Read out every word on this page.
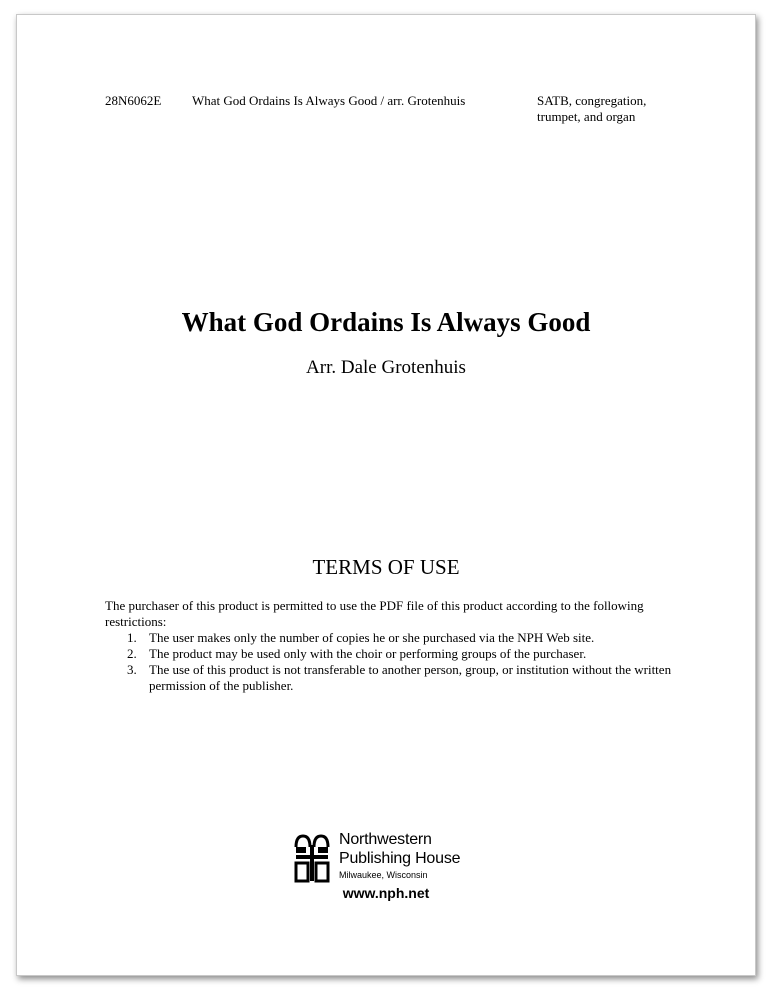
28N6062E What God Ordains Is Always Good / arr. Grotenhuis	SATB, congregation,
trumpet, and organ
What God Ordains Is Always Good
Arr. Dale Grotenhuis
TERMS OF USE
The purchaser of this product is permitted to use the PDF file of this product according to the following restrictions:
1. The user makes only the number of copies he or she purchased via the NPH Web site.
2. The product may be used only with the choir or performing groups of the purchaser.
3. The use of this product is not transferable to another person, group, or institution without the written permission of the publisher.
Northwestern
Publishing House
Milwaukee, Wisconsin
www.nph.net
